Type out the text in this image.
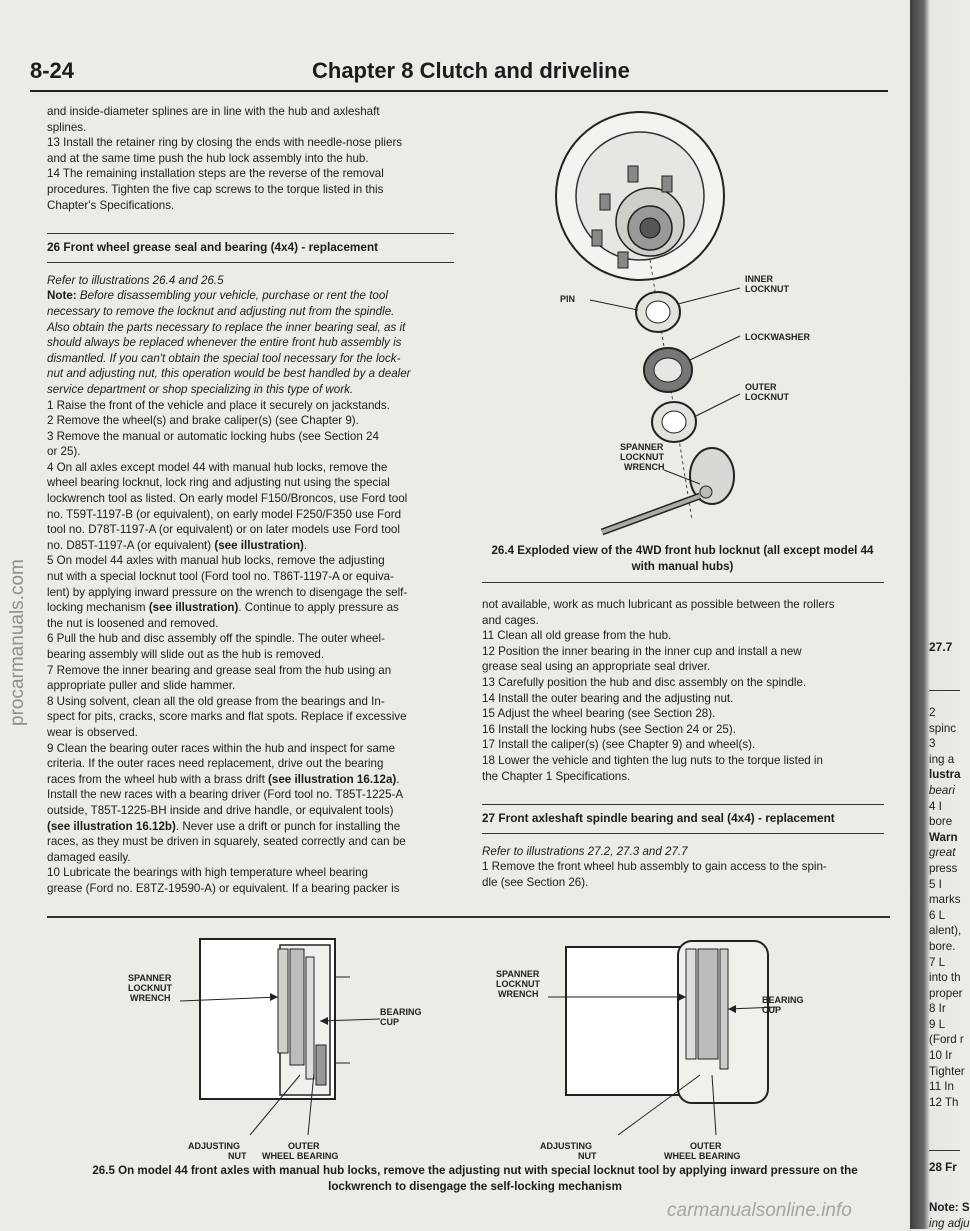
8-24	Chapter 8 Clutch and driveline

and inside-diameter splines are in line with the hub and axleshaft

splines.

13 Install the retainer ring by closing the ends with needle-nose pliers

and at the same time push the hub lock assembly into the hub.

14 The remaining installation steps are the reverse of the removal

procedures. Tighten the five cap screws to the torque listed in this

Chapter's Specifications.

26 Front wheel grease seal and bearing (4x4) - replacement

Refer to illustrations 26.4 and 26.5

Note: Before disassembling your vehicle, purchase or rent the tool

necessary to remove the locknut and adjusting nut from the spindle.

Also obtain the parts necessary to replace the inner bearing seal, as it

should always be replaced whenever the entire front hub assembly is

dismantled. If you can't obtain the special tool necessary for the lock-

nut and adjusting nut, this operation would be best handled by a dealer

service department or shop specializing in this type of work.

1 Raise the front of the vehicle and place it securely on jackstands.

2 Remove the wheel(s) and brake caliper(s) (see Chapter 9).

3 Remove the manual or automatic locking hubs (see Section 24

or 25).

4 On all axles except model 44 with manual hub locks, remove the

wheel bearing locknut, lock ring and adjusting nut using the special

lockwrench tool as listed. On early model F150/Broncos, use Ford tool

no. T59T-1197-B (or equivalent), on early model F250/F350 use Ford

tool no. D78T-1197-A (or equivalent) or on later models use Ford tool

no. D85T-1197-A (or equivalent) (see illustration).

5 On model 44 axles with manual hub locks, remove the adjusting

nut with a special locknut tool (Ford tool no. T86T-1197-A or equiva-

lent) by applying inward pressure on the wrench to disengage the self-

locking mechanism (see illustration). Continue to apply pressure as

the nut is loosened and removed.

6 Pull the hub and disc assembly off the spindle. The outer wheel-

bearing assembly will slide out as the hub is removed.

7 Remove the inner bearing and grease seal from the hub using an

appropriate puller and slide hammer.

8 Using solvent, clean all the old grease from the bearings and In-

spect for pits, cracks, score marks and flat spots. Replace if excessive

wear is observed.

9 Clean the bearing outer races within the hub and inspect for same

criteria. If the outer races need replacement, drive out the bearing

races from the wheel hub with a brass drift (see illustration 16.12a).

Install the new races with a bearing driver (Ford tool no. T85T-1225-A

outside, T85T-1225-BH inside and drive handle, or equivalent tools)

(see illustration 16.12b). Never use a drift or punch for installing the

races, as they must be driven in squarely, seated correctly and can be

damaged easily.

10 Lubricate the bearings with high temperature wheel bearing

grease (Ford no. E8TZ-19590-A) or equivalent. If a bearing packer is

PIN
INNER LOCKNUT
LOCKWASHER
OUTER LOCKNUT
SPANNER LOCKNUT WRENCH
26.4 Exploded view of the 4WD front hub locknut (all except model 44 with manual hubs)

not available, work as much lubricant as possible between the rollers

and cages.

11 Clean all old grease from the hub.

12 Position the inner bearing in the inner cup and install a new

grease seal using an appropriate seal driver.

13 Carefully position the hub and disc assembly on the spindle.

14 Install the outer bearing and the adjusting nut.

15 Adjust the wheel bearing (see Section 28).

16 Install the locking hubs (see Section 24 or 25).

17 Install the caliper(s) (see Chapter 9) and wheel(s).

18 Lower the vehicle and tighten the lug nuts to the torque listed in

the Chapter 1 Specifications.

27 Front axleshaft spindle bearing and seal (4x4) - replacement

Refer to illustrations 27.2, 27.3 and 27.7

1 Remove the front wheel hub assembly to gain access to the spin-

dle (see Section 26).

SPANNER LOCKNUT WRENCH
BEARING CUP
ADJUSTING NUT
OUTER WHEEL BEARING
SPANNER LOCKNUT WRENCH
BEARING CUP
ADJUSTING NUT
OUTER WHEEL BEARING
26.5 On model 44 front axles with manual hub locks, remove the adjusting nut with special locknut tool by applying inward pressure on the lockwrench to disengage the self-locking mechanism
27.7
2
spinc
3
ing a
lustra
beari
4 I
bore
Warn
great
press
5 I
marks
6 L
alent),
bore.
7 L
into th
proper
8 Ir
9 L
(Ford r
10 Ir
Tighter
11 In
12 Th
28 Fr
Note: S
ing adju
procarmanuals.com
carmanualsonline.info
